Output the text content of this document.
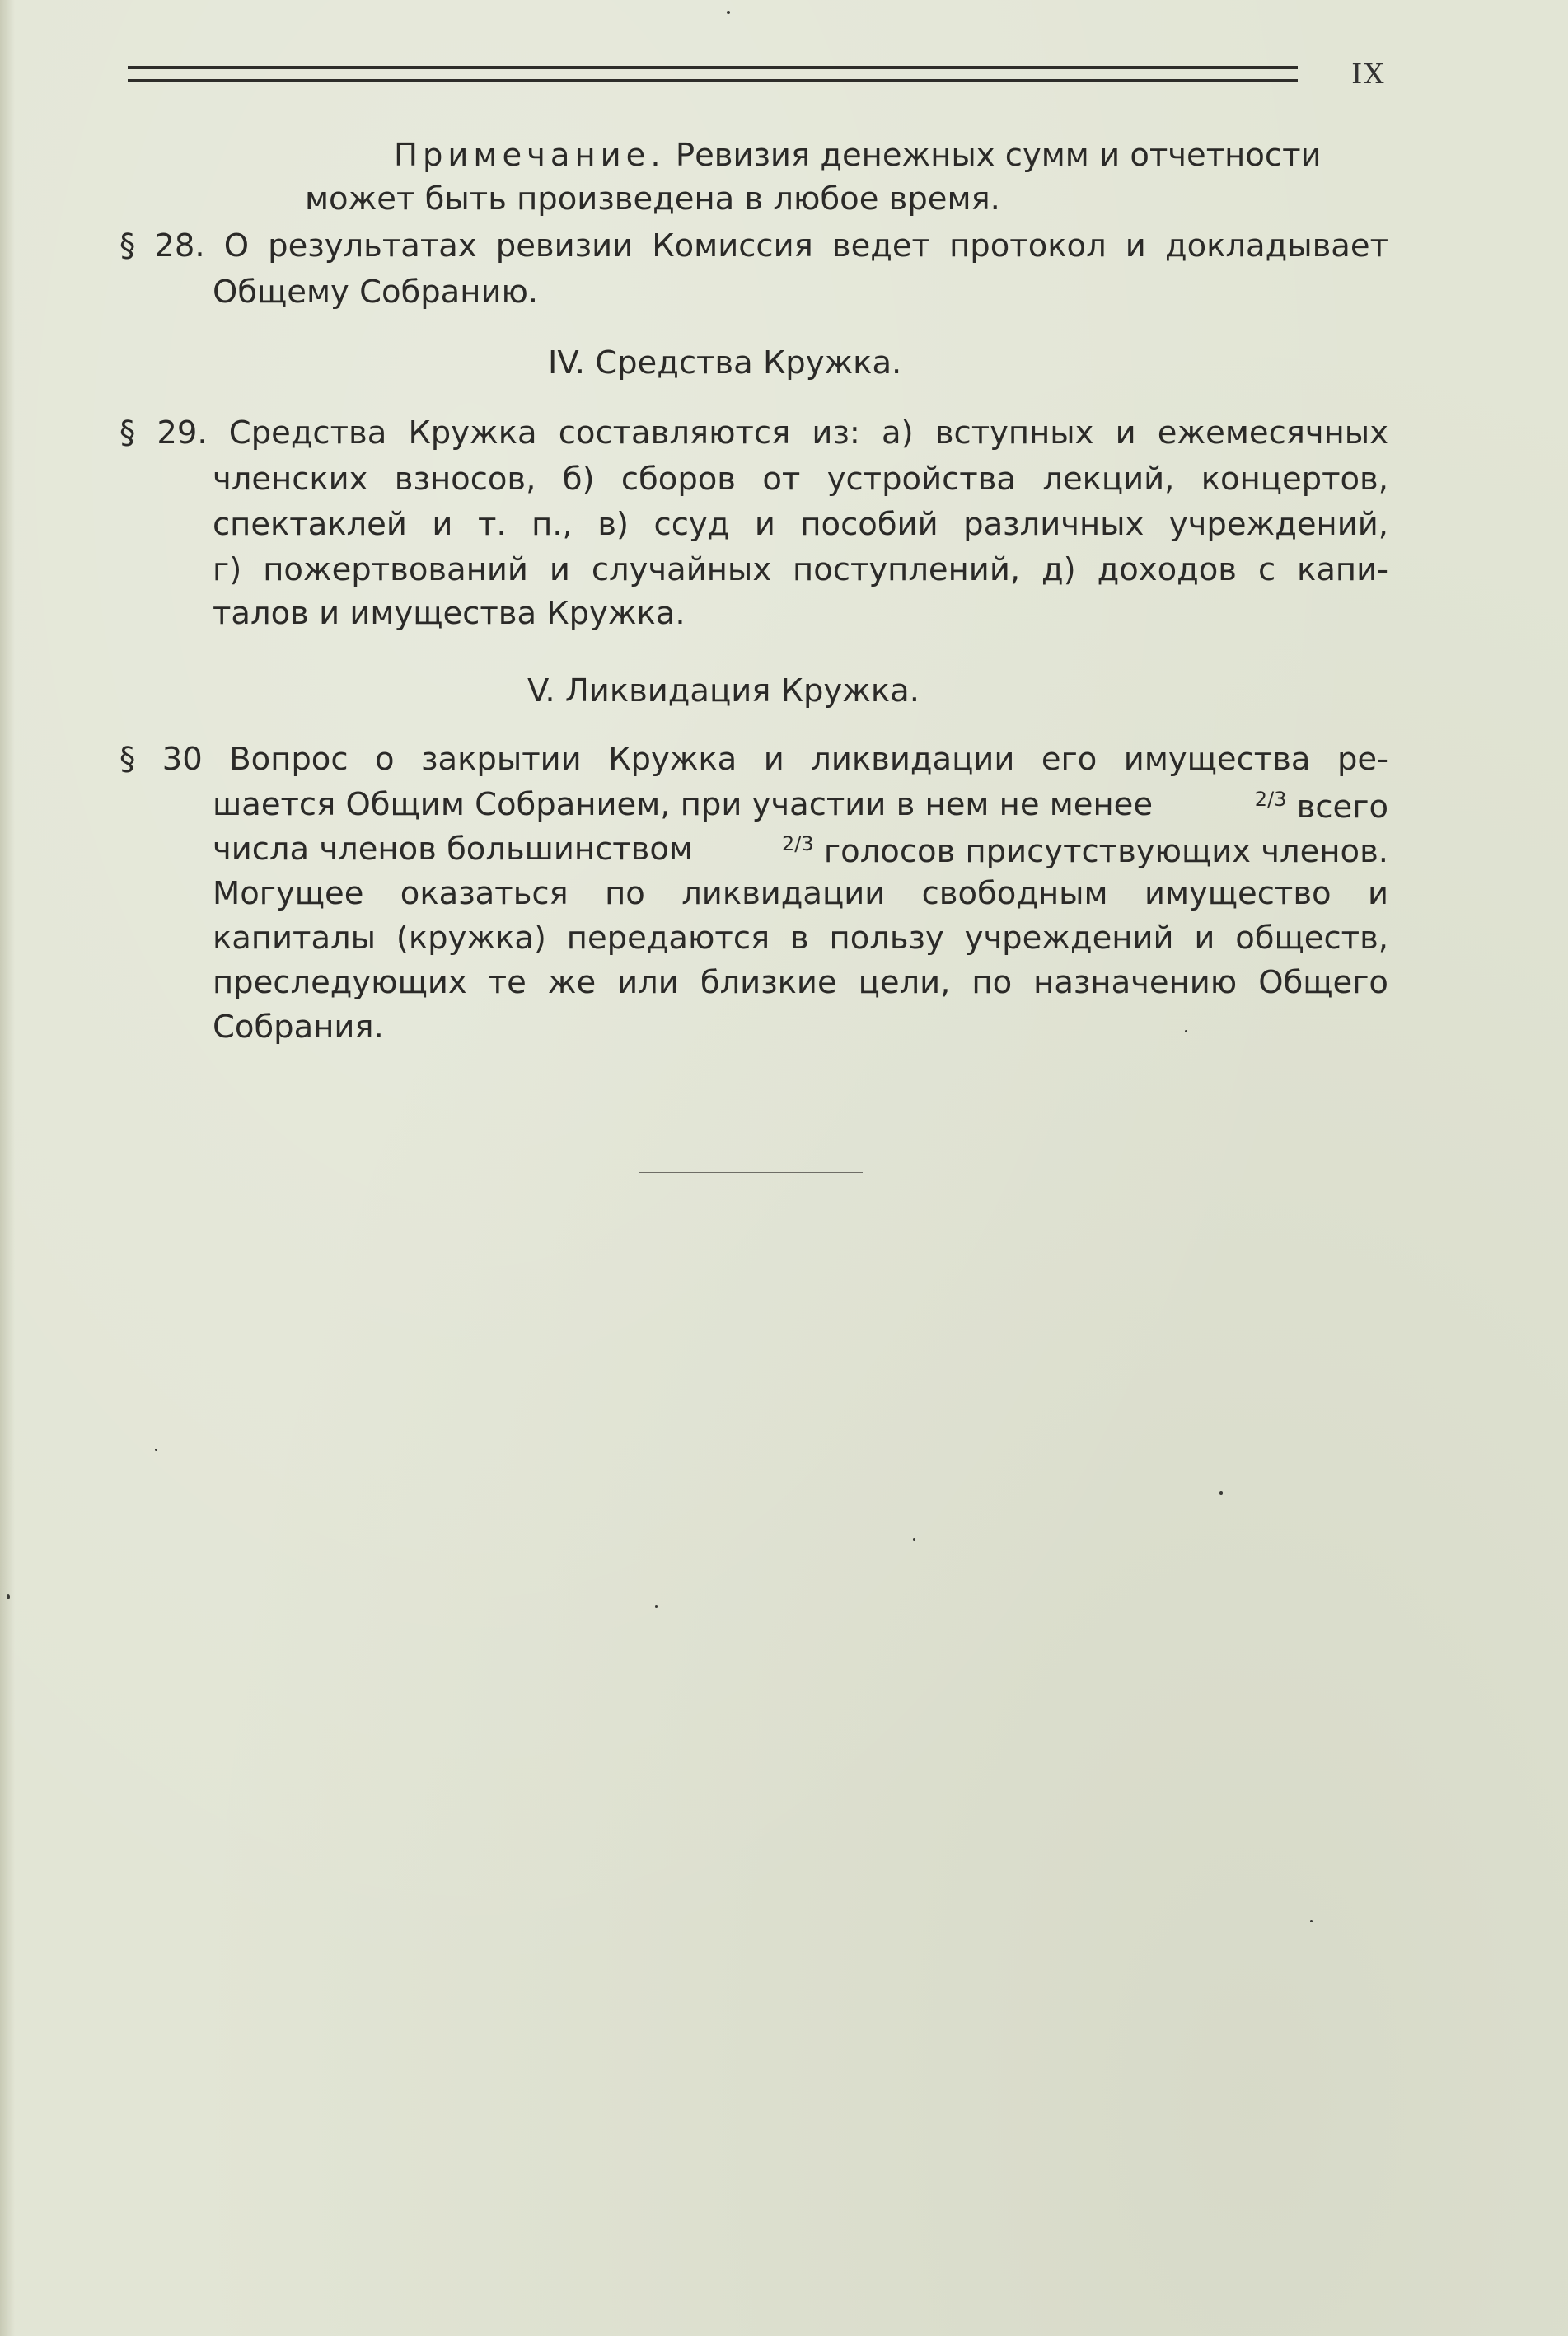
IX
Примечание. Ревизия денежных сумм и отчетности
может быть произведена в любое время.
§ 28. О результатах ревизии Комиссия ведет протокол и докладывает
Общему Собранию.
IV. Средства Кружка.
§ 29. Средства Кружка составляются из: а) вступных и ежемесячных
членских взносов, б) сборов от устройства лекций, концертов,
спектаклей и т. п., в) ссуд и пособий различных учреждений,
г) пожертвований и случайных поступлений, д) доходов с капи-
талов и имущества Кружка.
V. Ликвидация Кружка.
§ 30 Вопрос о закрытии Кружка и ликвидации его имущества ре-
шается Общим Собранием, при участии в нем не менее	$^{2/3}$ всего
числа членов большинством	$^{2/3}$ голосов присутствующих членов.
Могущее оказаться по ликвидации свободным имущество и
капиталы (кружка) передаются в пользу учреждений и обществ,
преследующих те же или близкие цели, по назначению Общего
Собрания.
